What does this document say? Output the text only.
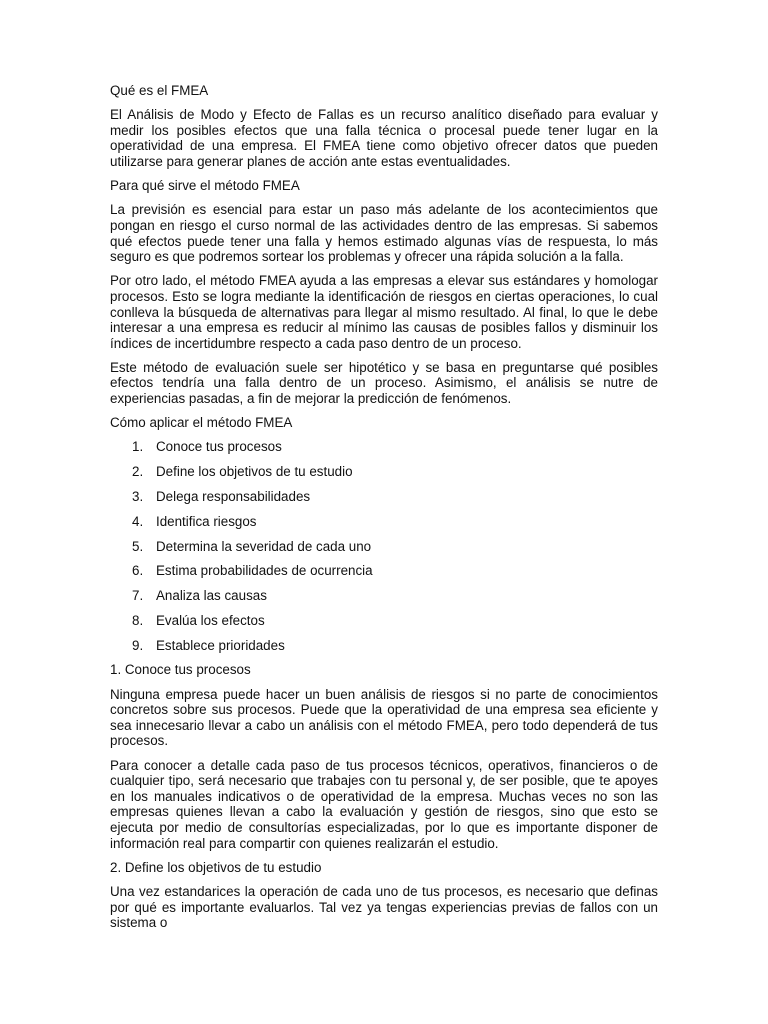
Qué es el FMEA

El Análisis de Modo y Efecto de Fallas es un recurso analítico diseñado para evaluar y medir los posibles efectos que una falla técnica o procesal puede tener lugar en la operatividad de una empresa. El FMEA tiene como objetivo ofrecer datos que pueden utilizarse para generar planes de acción ante estas eventualidades.

Para qué sirve el método FMEA

La previsión es esencial para estar un paso más adelante de los acontecimientos que pongan en riesgo el curso normal de las actividades dentro de las empresas. Si sabemos qué efectos puede tener una falla y hemos estimado algunas vías de respuesta, lo más seguro es que podremos sortear los problemas y ofrecer una rápida solución a la falla.

Por otro lado, el método FMEA ayuda a las empresas a elevar sus estándares y homologar procesos. Esto se logra mediante la identificación de riesgos en ciertas operaciones, lo cual conlleva la búsqueda de alternativas para llegar al mismo resultado. Al final, lo que le debe interesar a una empresa es reducir al mínimo las causas de posibles fallos y disminuir los índices de incertidumbre respecto a cada paso dentro de un proceso.

Este método de evaluación suele ser hipotético y se basa en preguntarse qué posibles efectos tendría una falla dentro de un proceso. Asimismo, el análisis se nutre de experiencias pasadas, a fin de mejorar la predicción de fenómenos.

Cómo aplicar el método FMEA

1. Conoce tus procesos
2. Define los objetivos de tu estudio
3. Delega responsabilidades
4. Identifica riesgos
5. Determina la severidad de cada uno
6. Estima probabilidades de ocurrencia
7. Analiza las causas
8. Evalúa los efectos
9. Establece prioridades

1. Conoce tus procesos

Ninguna empresa puede hacer un buen análisis de riesgos si no parte de conocimientos concretos sobre sus procesos. Puede que la operatividad de una empresa sea eficiente y sea innecesario llevar a cabo un análisis con el método FMEA, pero todo dependerá de tus procesos.

Para conocer a detalle cada paso de tus procesos técnicos, operativos, financieros o de cualquier tipo, será necesario que trabajes con tu personal y, de ser posible, que te apoyes en los manuales indicativos o de operatividad de la empresa. Muchas veces no son las empresas quienes llevan a cabo la evaluación y gestión de riesgos, sino que esto se ejecuta por medio de consultorías especializadas, por lo que es importante disponer de información real para compartir con quienes realizarán el estudio.

2. Define los objetivos de tu estudio

Una vez estandarices la operación de cada uno de tus procesos, es necesario que definas por qué es importante evaluarlos. Tal vez ya tengas experiencias previas de fallos con un sistema o
